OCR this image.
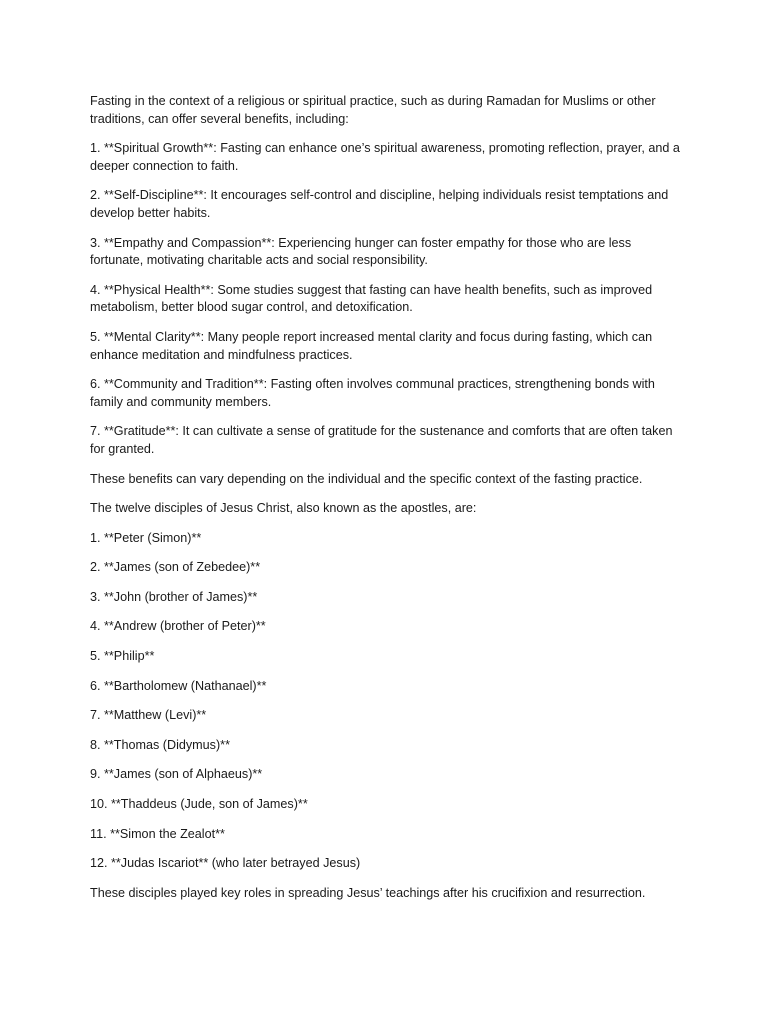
Fasting in the context of a religious or spiritual practice, such as during Ramadan for Muslims or other traditions, can offer several benefits, including:

1. **Spiritual Growth**: Fasting can enhance one’s spiritual awareness, promoting reflection, prayer, and a deeper connection to faith.

2. **Self-Discipline**: It encourages self-control and discipline, helping individuals resist temptations and develop better habits.

3. **Empathy and Compassion**: Experiencing hunger can foster empathy for those who are less fortunate, motivating charitable acts and social responsibility.

4. **Physical Health**: Some studies suggest that fasting can have health benefits, such as improved metabolism, better blood sugar control, and detoxification.

5. **Mental Clarity**: Many people report increased mental clarity and focus during fasting, which can enhance meditation and mindfulness practices.

6. **Community and Tradition**: Fasting often involves communal practices, strengthening bonds with family and community members.

7. **Gratitude**: It can cultivate a sense of gratitude for the sustenance and comforts that are often taken for granted.

These benefits can vary depending on the individual and the specific context of the fasting practice.

The twelve disciples of Jesus Christ, also known as the apostles, are:

1. **Peter (Simon)**

2. **James (son of Zebedee)**

3. **John (brother of James)**

4. **Andrew (brother of Peter)**

5. **Philip**

6. **Bartholomew (Nathanael)**

7. **Matthew (Levi)**

8. **Thomas (Didymus)**

9. **James (son of Alphaeus)**

10. **Thaddeus (Jude, son of James)**

11. **Simon the Zealot**

12. **Judas Iscariot** (who later betrayed Jesus)

These disciples played key roles in spreading Jesus’ teachings after his crucifixion and resurrection.
